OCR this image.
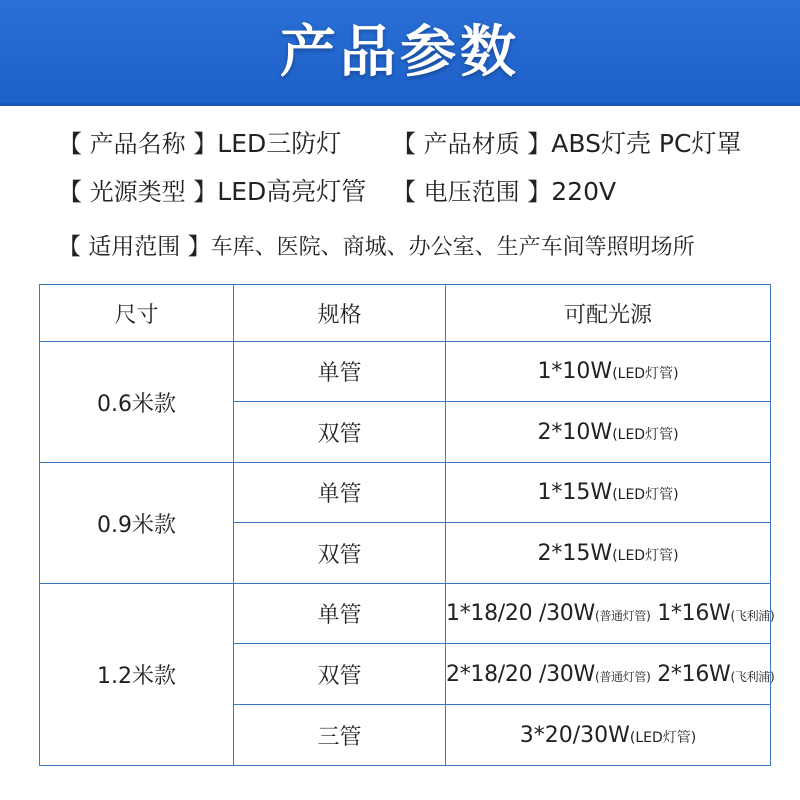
产品参数
【 产品名称 】LED三防灯 【 产品材质 】ABS灯壳 PC灯罩
【 光源类型 】LED高亮灯管 【 电压范围 】220V
【 适用范围 】车库、医院、商城、办公室、生产车间等照明场所
尺寸	规格	可配光源
0.6米款	单管	1*10W(LED灯管)
	双管	2*10W(LED灯管)
0.9米款	单管	1*15W(LED灯管)
	双管	2*15W(LED灯管)
1.2米款	单管	1*18/20 /30W(普通灯管) 1*16W(飞利浦)
	双管	2*18/20 /30W(普通灯管) 2*16W(飞利浦)
	三管	3*20/30W(LED灯管)
